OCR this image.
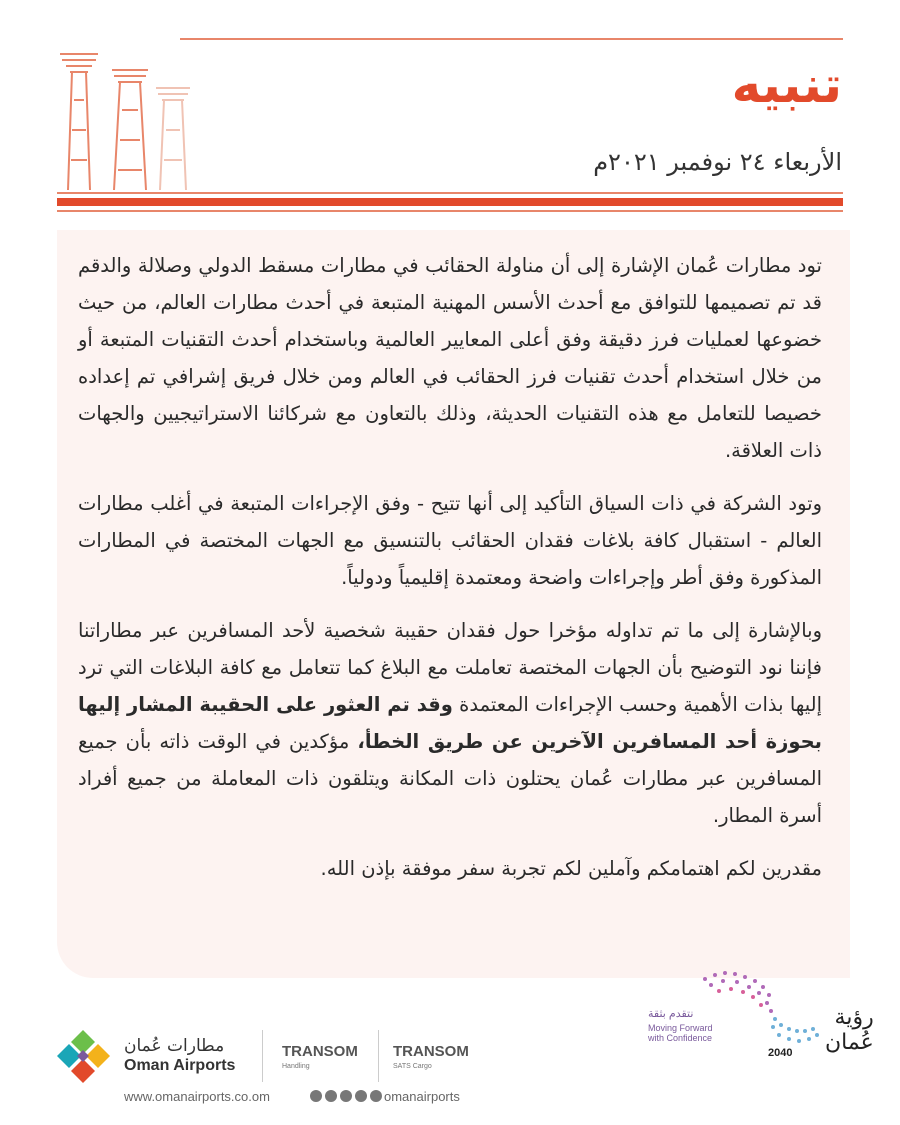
تنبيه
الأربعاء ٢٤ نوفمبر ٢٠٢١م

تود مطارات عُمان الإشارة إلى أن مناولة الحقائب في مطارات مسقط الدولي وصلالة والدقم قد تم تصميمها للتوافق مع أحدث الأسس المهنية المتبعة في أحدث مطارات العالم، من حيث خضوعها لعمليات فرز دقيقة وفق أعلى المعايير العالمية وباستخدام أحدث التقنيات المتبعة أو من خلال استخدام أحدث تقنيات فرز الحقائب في العالم ومن خلال فريق إشرافي تم إعداده خصيصا للتعامل مع هذه التقنيات الحديثة، وذلك بالتعاون مع شركائنا الاستراتيجيين والجهات ذات العلاقة.

وتود الشركة في ذات السياق التأكيد إلى أنها تتيح - وفق الإجراءات المتبعة في أغلب مطارات العالم - استقبال كافة بلاغات فقدان الحقائب بالتنسيق مع الجهات المختصة في المطارات المذكورة وفق أطر وإجراءات واضحة ومعتمدة إقليمياً ودولياً.

وبالإشارة إلى ما تم تداوله مؤخرا حول فقدان حقيبة شخصية لأحد المسافرين عبر مطاراتنا فإننا نود التوضيح بأن الجهات المختصة تعاملت مع البلاغ كما تتعامل مع كافة البلاغات التي ترد إليها بذات الأهمية وحسب الإجراءات المعتمدة وقد تم العثور على الحقيبة المشار إليها بحوزة أحد المسافرين الآخرين عن طريق الخطأ، مؤكدين في الوقت ذاته بأن جميع المسافرين عبر مطارات عُمان يحتلون ذات المكانة ويتلقون ذات المعاملة من جميع أفراد أسرة المطار.

مقدرين لكم اهتمامكم وآملين لكم تجربة سفر موفقة بإذن الله.

نتقدم بثقة
Moving Forward
with Confidence
رؤية عُمان
2040
مطارات عُمان
Oman Airports
TRANSOM
Handling
TRANSOM
SATS Cargo
www.omanairports.co.om	omanairports
